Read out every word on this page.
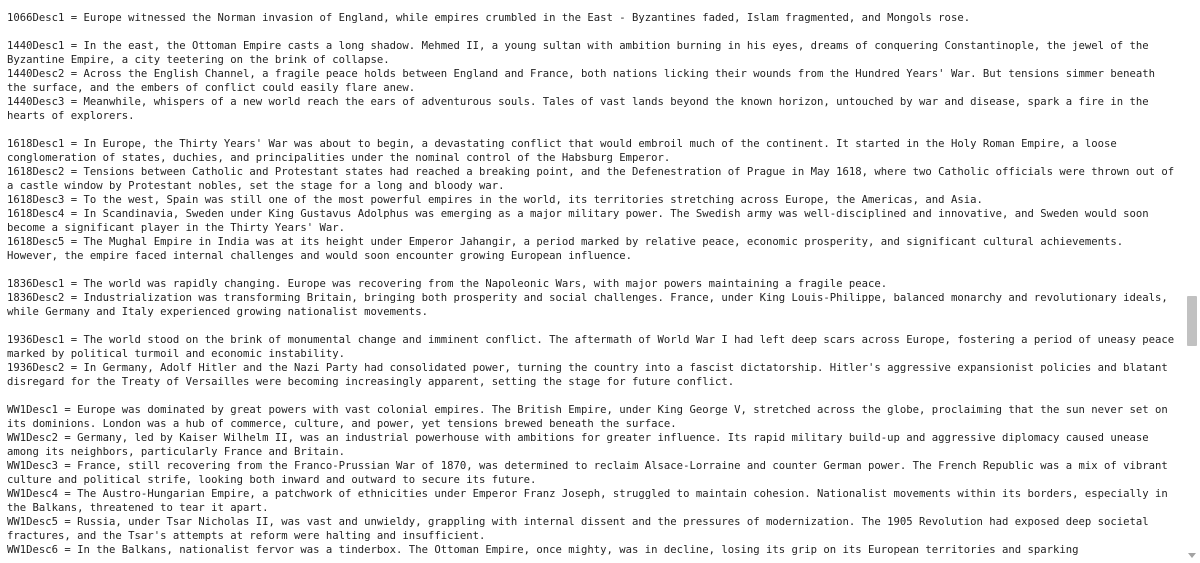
1066Desc1 = Europe witnessed the Norman invasion of England, while empires crumbled in the East - Byzantines faded, Islam fragmented, and Mongols rose.
1440Desc1 = In the east, the Ottoman Empire casts a long shadow. Mehmed II, a young sultan with ambition burning in his eyes, dreams of conquering Constantinople, the jewel of the Byzantine Empire, a city teetering on the brink of collapse.
1440Desc2 = Across the English Channel, a fragile peace holds between England and France, both nations licking their wounds from the Hundred Years' War. But tensions simmer beneath the surface, and the embers of conflict could easily flare anew.
1440Desc3 = Meanwhile, whispers of a new world reach the ears of adventurous souls. Tales of vast lands beyond the known horizon, untouched by war and disease, spark a fire in the hearts of explorers.
1618Desc1 = In Europe, the Thirty Years' War was about to begin, a devastating conflict that would embroil much of the continent. It started in the Holy Roman Empire, a loose conglomeration of states, duchies, and principalities under the nominal control of the Habsburg Emperor.
1618Desc2 = Tensions between Catholic and Protestant states had reached a breaking point, and the Defenestration of Prague in May 1618, where two Catholic officials were thrown out of a castle window by Protestant nobles, set the stage for a long and bloody war.
1618Desc3 = To the west, Spain was still one of the most powerful empires in the world, its territories stretching across Europe, the Americas, and Asia.
1618Desc4 = In Scandinavia, Sweden under King Gustavus Adolphus was emerging as a major military power. The Swedish army was well-disciplined and innovative, and Sweden would soon become a significant player in the Thirty Years' War.
1618Desc5 = The Mughal Empire in India was at its height under Emperor Jahangir, a period marked by relative peace, economic prosperity, and significant cultural achievements. However, the empire faced internal challenges and would soon encounter growing European influence.
1836Desc1 = The world was rapidly changing. Europe was recovering from the Napoleonic Wars, with major powers maintaining a fragile peace.
1836Desc2 = Industrialization was transforming Britain, bringing both prosperity and social challenges. France, under King Louis-Philippe, balanced monarchy and revolutionary ideals, while Germany and Italy experienced growing nationalist movements.
1936Desc1 = The world stood on the brink of monumental change and imminent conflict. The aftermath of World War I had left deep scars across Europe, fostering a period of uneasy peace marked by political turmoil and economic instability.
1936Desc2 = In Germany, Adolf Hitler and the Nazi Party had consolidated power, turning the country into a fascist dictatorship. Hitler's aggressive expansionist policies and blatant disregard for the Treaty of Versailles were becoming increasingly apparent, setting the stage for future conflict.
WW1Desc1 = Europe was dominated by great powers with vast colonial empires. The British Empire, under King George V, stretched across the globe, proclaiming that the sun never set on its dominions. London was a hub of commerce, culture, and power, yet tensions brewed beneath the surface.
WW1Desc2 = Germany, led by Kaiser Wilhelm II, was an industrial powerhouse with ambitions for greater influence. Its rapid military build-up and aggressive diplomacy caused unease among its neighbors, particularly France and Britain.
WW1Desc3 = France, still recovering from the Franco-Prussian War of 1870, was determined to reclaim Alsace-Lorraine and counter German power. The French Republic was a mix of vibrant culture and political strife, looking both inward and outward to secure its future.
WW1Desc4 = The Austro-Hungarian Empire, a patchwork of ethnicities under Emperor Franz Joseph, struggled to maintain cohesion. Nationalist movements within its borders, especially in the Balkans, threatened to tear it apart.
WW1Desc5 = Russia, under Tsar Nicholas II, was vast and unwieldy, grappling with internal dissent and the pressures of modernization. The 1905 Revolution had exposed deep societal fractures, and the Tsar's attempts at reform were halting and insufficient.
WW1Desc6 = In the Balkans, nationalist fervor was a tinderbox. The Ottoman Empire, once mighty, was in decline, losing its grip on its European territories and sparking
